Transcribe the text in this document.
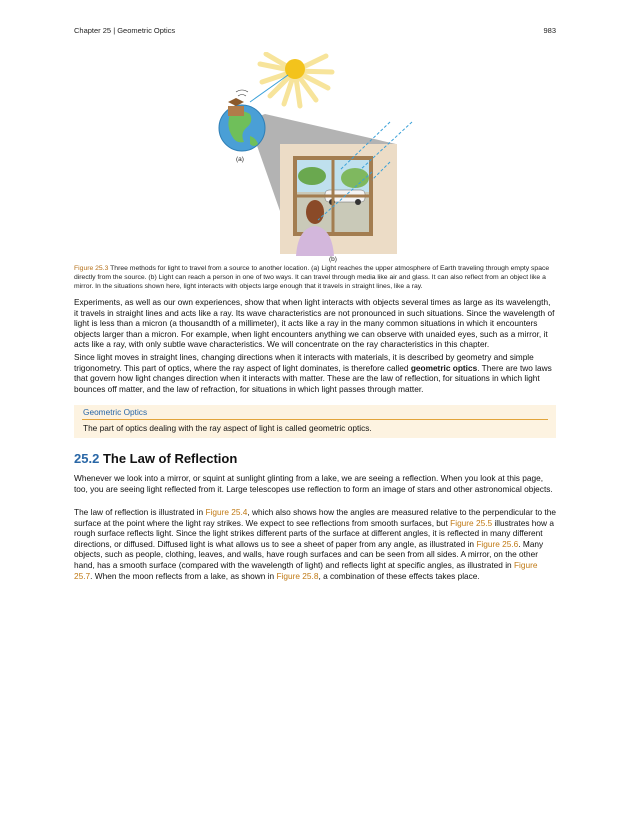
Chapter 25 | Geometric Optics	983
(a)
(b)
Figure 25.3 Three methods for light to travel from a source to another location. (a) Light reaches the upper atmosphere of Earth traveling through empty space directly from the source. (b) Light can reach a person in one of two ways. It can travel through media like air and glass. It can also reflect from an object like a mirror. In the situations shown here, light interacts with objects large enough that it travels in straight lines, like a ray.
Experiments, as well as our own experiences, show that when light interacts with objects several times as large as its wavelength, it travels in straight lines and acts like a ray. Its wave characteristics are not pronounced in such situations. Since the wavelength of light is less than a micron (a thousandth of a millimeter), it acts like a ray in the many common situations in which it encounters objects larger than a micron. For example, when light encounters anything we can observe with unaided eyes, such as a mirror, it acts like a ray, with only subtle wave characteristics. We will concentrate on the ray characteristics in this chapter.
Since light moves in straight lines, changing directions when it interacts with materials, it is described by geometry and simple trigonometry. This part of optics, where the ray aspect of light dominates, is therefore called geometric optics. There are two laws that govern how light changes direction when it interacts with matter. These are the law of reflection, for situations in which light bounces off matter, and the law of refraction, for situations in which light passes through matter.
Geometric Optics
The part of optics dealing with the ray aspect of light is called geometric optics.
25.2 The Law of Reflection
Whenever we look into a mirror, or squint at sunlight glinting from a lake, we are seeing a reflection. When you look at this page, too, you are seeing light reflected from it. Large telescopes use reflection to form an image of stars and other astronomical objects.
The law of reflection is illustrated in Figure 25.4, which also shows how the angles are measured relative to the perpendicular to the surface at the point where the light ray strikes. We expect to see reflections from smooth surfaces, but Figure 25.5 illustrates how a rough surface reflects light. Since the light strikes different parts of the surface at different angles, it is reflected in many different directions, or diffused. Diffused light is what allows us to see a sheet of paper from any angle, as illustrated in Figure 25.6. Many objects, such as people, clothing, leaves, and walls, have rough surfaces and can be seen from all sides. A mirror, on the other hand, has a smooth surface (compared with the wavelength of light) and reflects light at specific angles, as illustrated in Figure 25.7. When the moon reflects from a lake, as shown in Figure 25.8, a combination of these effects takes place.
